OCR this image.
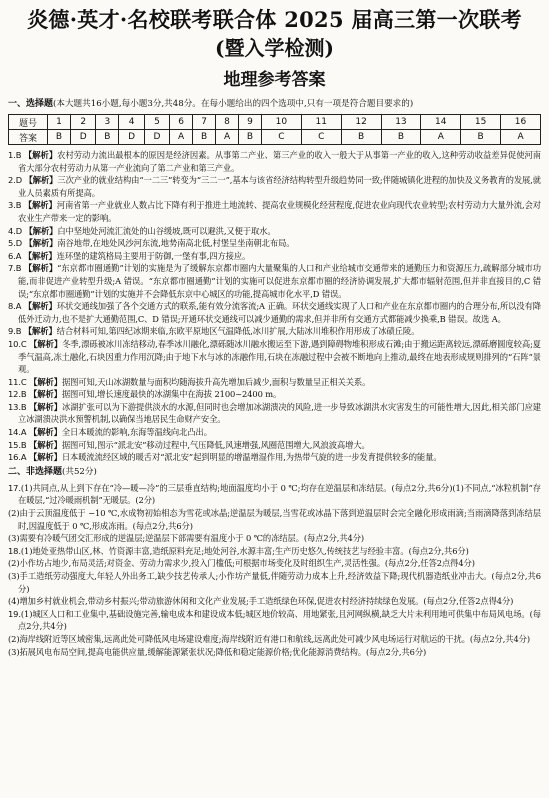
炎德·英才·名校联考联合体 2025 届高三第一次联考
(暨入学检测)
地理参考答案
一、选择题(本大题共16小题,每小题3分,共48分。在每小题给出的四个选项中,只有一项是符合题目要求的)
题号	1	2	3	4	5	6	7	8	9	10	11	12	13	14	15	16
答案	B	D	B	D	D	A	B	A	B	C	C	B	B	A	B	A

1.B 【解析】农村劳动力流出最根本的原因是经济因素。从事第二产业、第三产业的收入一般大于从事第一产业的收入,这种劳动收益差异促使河南省大部分农村劳动力从第一产业流向了第二产业和第三产业。

2.D 【解析】三次产业的就业结构由“一二三”转变为“三二一”,基本与该省经济结构转型升级趋势同一致;伴随城镇化进程的加快及义务教育的发展,就业人员素质有所提高。

3.B 【解析】河南省第一产业就业人数占比下降有利于推进土地流转、提高农业规模化经营程度,促进农业向现代农业转型;农村劳动力大量外流,会对农业生产带来一定的影响。

4.D 【解析】白中坚地处河流汇流处的山谷缓坡,既可以避洪,又便于取水。

5.D 【解析】南谷地带,在地处风沙河东流,地势南高北低,村堡呈坐南朝北布局。

6.A 【解析】连环堡的建筑格局主要用于防御,一堡有事,四方接应。

7.B 【解析】“东京都市圈通勤”计划的实施是为了缓解东京都市圈内大量聚集的人口和产业给城市交通带来的通勤压力和资源压力,疏解部分城市功能,而非促进产业转型升级;A 错误。“东京都市圈通勤”计划的实施可以促进东京都市圈的经济协调发展,扩大都市辐射范围,但并非直接目的,C 错误;“东京都市圈通勤”计划的实施并不会降低东京中心城区的功能,提高城市化水平,D 错误。

8.A 【解析】环状交通线加强了各个交通方式的联系,能有效分流客流;A 正确。环状交通线实现了人口和产业在东京都市圈内的合理分布,所以没有降低外迁动力,也不是扩大通勤范围,C、D 错误;开通环状交通线可以减少通勤的需求,但并非所有交通方式都能减少换乘,B 错误。故选 A。

9.B 【解析】结合材料可知,第四纪冰期来临,东欧平原地区气温降低,冰川扩展,大陆冰川堆积作用形成了冰碛丘陵。

10.C 【解析】冬季,漂砾被冰川冻结移动,春季冰川融化,漂砾随冰川融水搬运至下游,遇到障碍物堆积形成石滩;由于搬运距离较远,漂砾磨圆度较高;夏季气温高,冻土融化,石块因重力作用沉降;由于地下水与冰的冻融作用,石块在冻融过程中会被不断地向上推动,最终在地表形成规则排列的“石阵”景观。

11.C 【解析】据图可知,天山冰湖数量与面积均随海拔升高先增加后减少,面积与数量呈正相关关系。

12.B 【解析】据图可知,增长速度最快的冰湖集中在海拔 2100~2400 m。

13.B 【解析】冰湖扩张可以为下游提供淡水的水源,但同时也会增加冰湖溃决的风险,进一步导致冰湖洪水灾害发生的可能性增大,因此,相关部门应建立冰湖溃决洪水预警机制,以确保当地居民生命财产安全。

14.A 【解析】全日本暖流的影响,东海等温线向北凸出。

15.B 【解析】据图可知,图示“派北安”移动过程中,气压降低,风速增强,风圈范围增大,风浪波高增大。

16.A 【解析】日本暖流流经区域的暖舌对“派北安”起到明显的增温增湿作用,为热带气旋的进一步发育提供较多的能量。

二、非选择题(共52分)

17.(1)共同点,从上到下存在“冷—暖—冷”的三层垂直结构;地面温度均小于 0 ℃;均存在逆温层和冻结层。(每点2分,共6分)(1)不同点,“冰粒机制”存在暖层,“过冷暖雨机制”无暖层。(2分)

(2)由于云顶温度低于 −10 ℃,水成物初始相态为雪花或冰晶;逆温层为暖层,当雪花或冰晶下落到逆温层时会完全融化形成雨滴;当雨滴降落到冻结层时,因温度低于 0 ℃,形成冻雨。(每点2分,共6分)

(3)需要有冷暖气团交汇形成的逆温层;逆温层下部需要有温度小于 0 ℃的冻结层。(每点2分,共4分)

18.(1)地处亚热带山区,林、竹资源丰富,造纸原料充足;地处河谷,水源丰富;生产历史悠久,传统技艺与经验丰富。(每点2分,共6分)

(2)小作坊占地少,布局灵活;对资金、劳动力需求少,投入门槛低;可根据市场变化及时组织生产,灵活性强。(每点2分,任答2点得4分)

(3)手工造纸劳动强度大,年轻人外出务工,缺少技艺传承人;小作坊产量低,伴随劳动力成本上升,经济效益下降;现代机器造纸业冲击大。(每点2分,共6分)

(4)增加乡村就业机会,带动乡村振兴;带动旅游休闲和文化产业发展;手工造纸绿色环保,促进农村经济持续绿色发展。(每点2分,任答2点得4分)

19.(1)城区人口和工业集中,基础设施完善,输电成本和建设成本低;城区地价较高、用地紧张,且河网纵横,缺乏大片未利用地可供集中布局风电场。(每点2分,共4分)

(2)海岸线附近等区域密集,远离此处可降低风电场建设难度;海岸线附近有港口和航线,远离此处可减少风电场运行对航运的干扰。(每点2分,共4分)

(3)拓展风电布局空间,提高电能供应量,缓解能源紧张状况;降低和稳定能源价格;优化能源消费结构。(每点2分,共6分)
